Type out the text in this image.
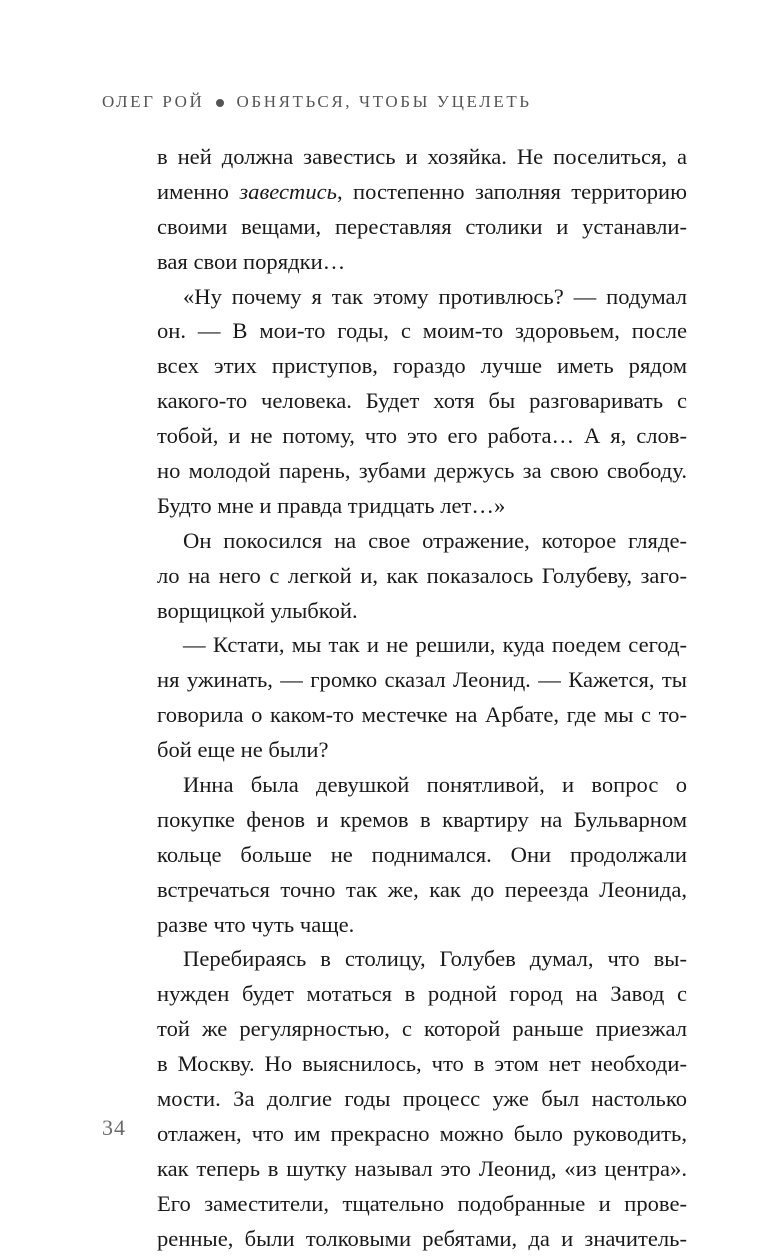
ОЛЕГ РОЙ ОБНЯТЬСЯ, ЧТОБЫ УЦЕЛЕТЬ
в ней должна завестись и хозяйка. Не поселиться, а
именно завестись, постепенно заполняя территорию
своими вещами, переставляя столики и устанавли-
вая свои порядки…
«Ну почему я так этому противлюсь? — подумал
он. — В мои-то годы, с моим-то здоровьем, после
всех этих приступов, гораздо лучше иметь рядом
какого-то человека. Будет хотя бы разговаривать с
тобой, и не потому, что это его работа… А я, слов-
но молодой парень, зубами держусь за свою свободу.
Будто мне и правда тридцать лет…»
Он покосился на свое отражение, которое гляде-
ло на него с легкой и, как показалось Голубеву, заго-
ворщицкой улыбкой.
— Кстати, мы так и не решили, куда поедем сегод-
ня ужинать, — громко сказал Леонид. — Кажется, ты
говорила о каком-то местечке на Арбате, где мы с то-
бой еще не были?
Инна была девушкой понятливой, и вопрос о
покупке фенов и кремов в квартиру на Бульварном
кольце больше не поднимался. Они продолжали
встречаться точно так же, как до переезда Леонида,
разве что чуть чаще.
Перебираясь в столицу, Голубев думал, что вы-
нужден будет мотаться в родной город на Завод с
той же регулярностью, с которой раньше приезжал
в Москву. Но выяснилось, что в этом нет необходи-
мости. За долгие годы процесс уже был настолько
отлажен, что им прекрасно можно было руководить,
как теперь в шутку называл это Леонид, «из центра».
Его заместители, тщательно подобранные и прове-
ренные, были толковыми ребятами, да и значитель-
34
